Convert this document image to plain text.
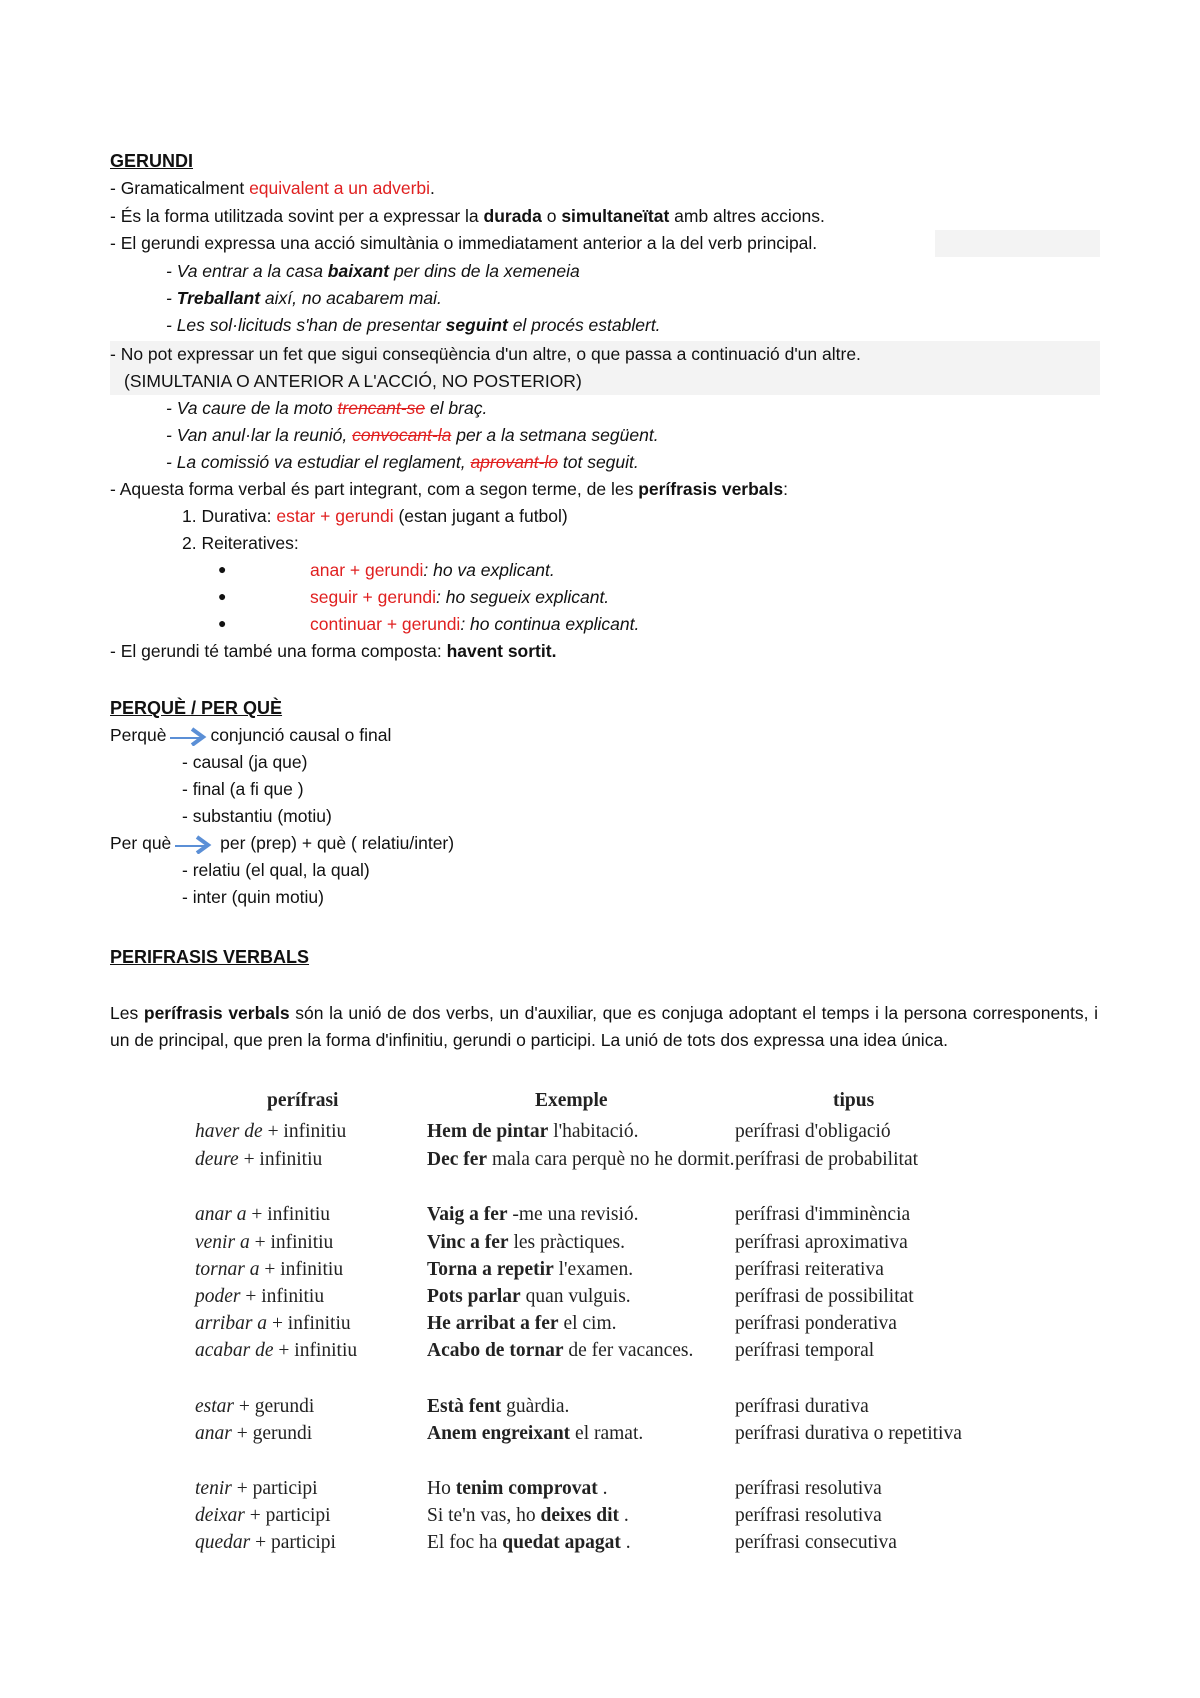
GERUNDI
- Gramaticalment equivalent a un adverbi.
- És la forma utilitzada sovint per a expressar la durada o simultaneïtat amb altres accions.
- El gerundi expressa una acció simultània o immediatament anterior a la del verb principal.
- Va entrar a la casa baixant per dins de la xemeneia
- Treballant així, no acabarem mai.
- Les sol·licituds s'han de presentar seguint el procés establert.
- No pot expressar un fet que sigui conseqüència d'un altre, o que passa a continuació d'un altre.
(SIMULTANIA O ANTERIOR A L'ACCIÓ, NO POSTERIOR)
- Va caure de la moto trencant-se el braç.
- Van anul·lar la reunió, convocant-la per a la setmana següent.
- La comissió va estudiar el reglament, aprovant-lo tot seguit.
- Aquesta forma verbal és part integrant, com a segon terme, de les perífrasis verbals:
1. Durativa: estar + gerundi (estan jugant a futbol)
2. Reiteratives:
●	anar + gerundi: ho va explicant.
●	seguir + gerundi: ho segueix explicant.
●	continuar + gerundi: ho continua explicant.
- El gerundi té també una forma composta: havent sortit.
PERQUÈ / PER QUÈ
Perquè	conjunció causal o final
- causal (ja que)
- final (a fi que )
- substantiu (motiu)
Per què	per (prep) + què ( relatiu/inter)
- relatiu (el qual, la qual)
- inter (quin motiu)
PERIFRASIS VERBALS
Les perífrasis verbals són la unió de dos verbs, un d'auxiliar, que es conjuga adoptant el temps i la persona corresponents, i un de principal, que pren la forma d'infinitiu, gerundi o participi. La unió de tots dos expressa una idea única.
perífrasi	Exemple	tipus
haver de + infinitiu	Hem de pintar l'habitació.	perífrasi d'obligació
deure + infinitiu	Dec fer mala cara perquè no he dormit. perífrasi de probabilitat
anar a + infinitiu	Vaig a fer -me una revisió.	perífrasi d'imminència
venir a + infinitiu	Vinc a fer les pràctiques.	perífrasi aproximativa
tornar a + infinitiu	Torna a repetir l'examen.	perífrasi reiterativa
poder + infinitiu	Pots parlar quan vulguis.	perífrasi de possibilitat
arribar a + infinitiu	He arribat a fer el cim.	perífrasi ponderativa
acabar de + infinitiu	Acabo de tornar de fer vacances.	perífrasi temporal
estar + gerundi	Està fent guàrdia.	perífrasi durativa
anar + gerundi	Anem engreixant el ramat.	perífrasi durativa o repetitiva
tenir + participi	Ho tenim comprovat .	perífrasi resolutiva
deixar + participi	Si te'n vas, ho deixes dit .	perífrasi resolutiva
quedar + participi	El foc ha quedat apagat .	perífrasi consecutiva
